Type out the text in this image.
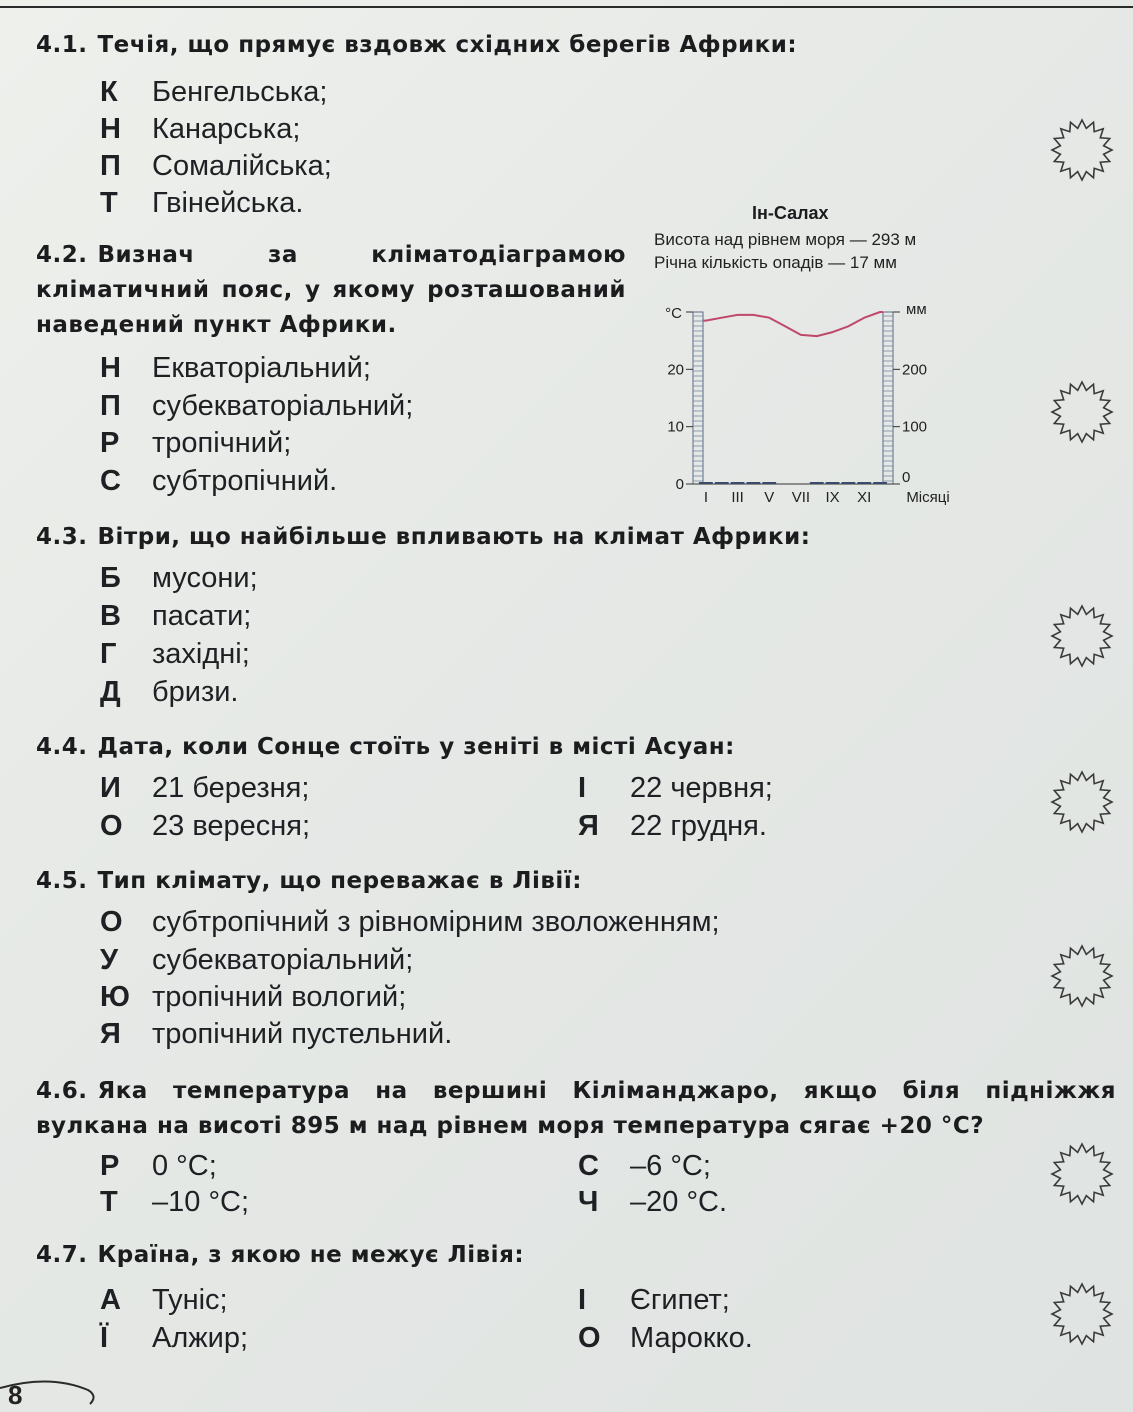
4.1. Течія, що прямує вздовж східних берегів Африки:
К Бенгельська;
Н Канарська;
П Сомалійська;
Т Гвінейська.
4.2. Визнач за кліматодіаграмою кліматичний пояс, у якому розташований наведений пункт Африки.
Н Екваторіальний;
П субекваторіальний;
Р тропічний;
С субтропічний.
Ін-Салах
Висота над рівнем моря — 293 м
Річна кількість опадів — 17 мм
0
10
20
0
100
200
°С	мм
I III V VII IX XI Місяці
4.3. Вітри, що найбільше впливають на клімат Африки:
Б мусони;
В пасати;
Г західні;
Д бризи.
4.4. Дата, коли Сонце стоїть у зеніті в місті Асуан:
И 21 березня;	І 22 червня;
О 23 вересня;	Я 22 грудня.
4.5. Тип клімату, що переважає в Лівії:
О субтропічний з рівномірним зволоженням;
У субекваторіальний;
Ю тропічний вологий;
Я тропічний пустельний.
4.6. Яка температура на вершині Кіліманджаро, якщо біля підніжжя вулкана на висоті 895 м над рівнем моря температура сягає +20 °С?
Р 0 °С;	С –6 °С;
Т –10 °С;	Ч –20 °С.
4.7. Країна, з якою не межує Лівія:
А Туніс;	І Єгипет;
Ї Алжир;	О Марокко.
8
